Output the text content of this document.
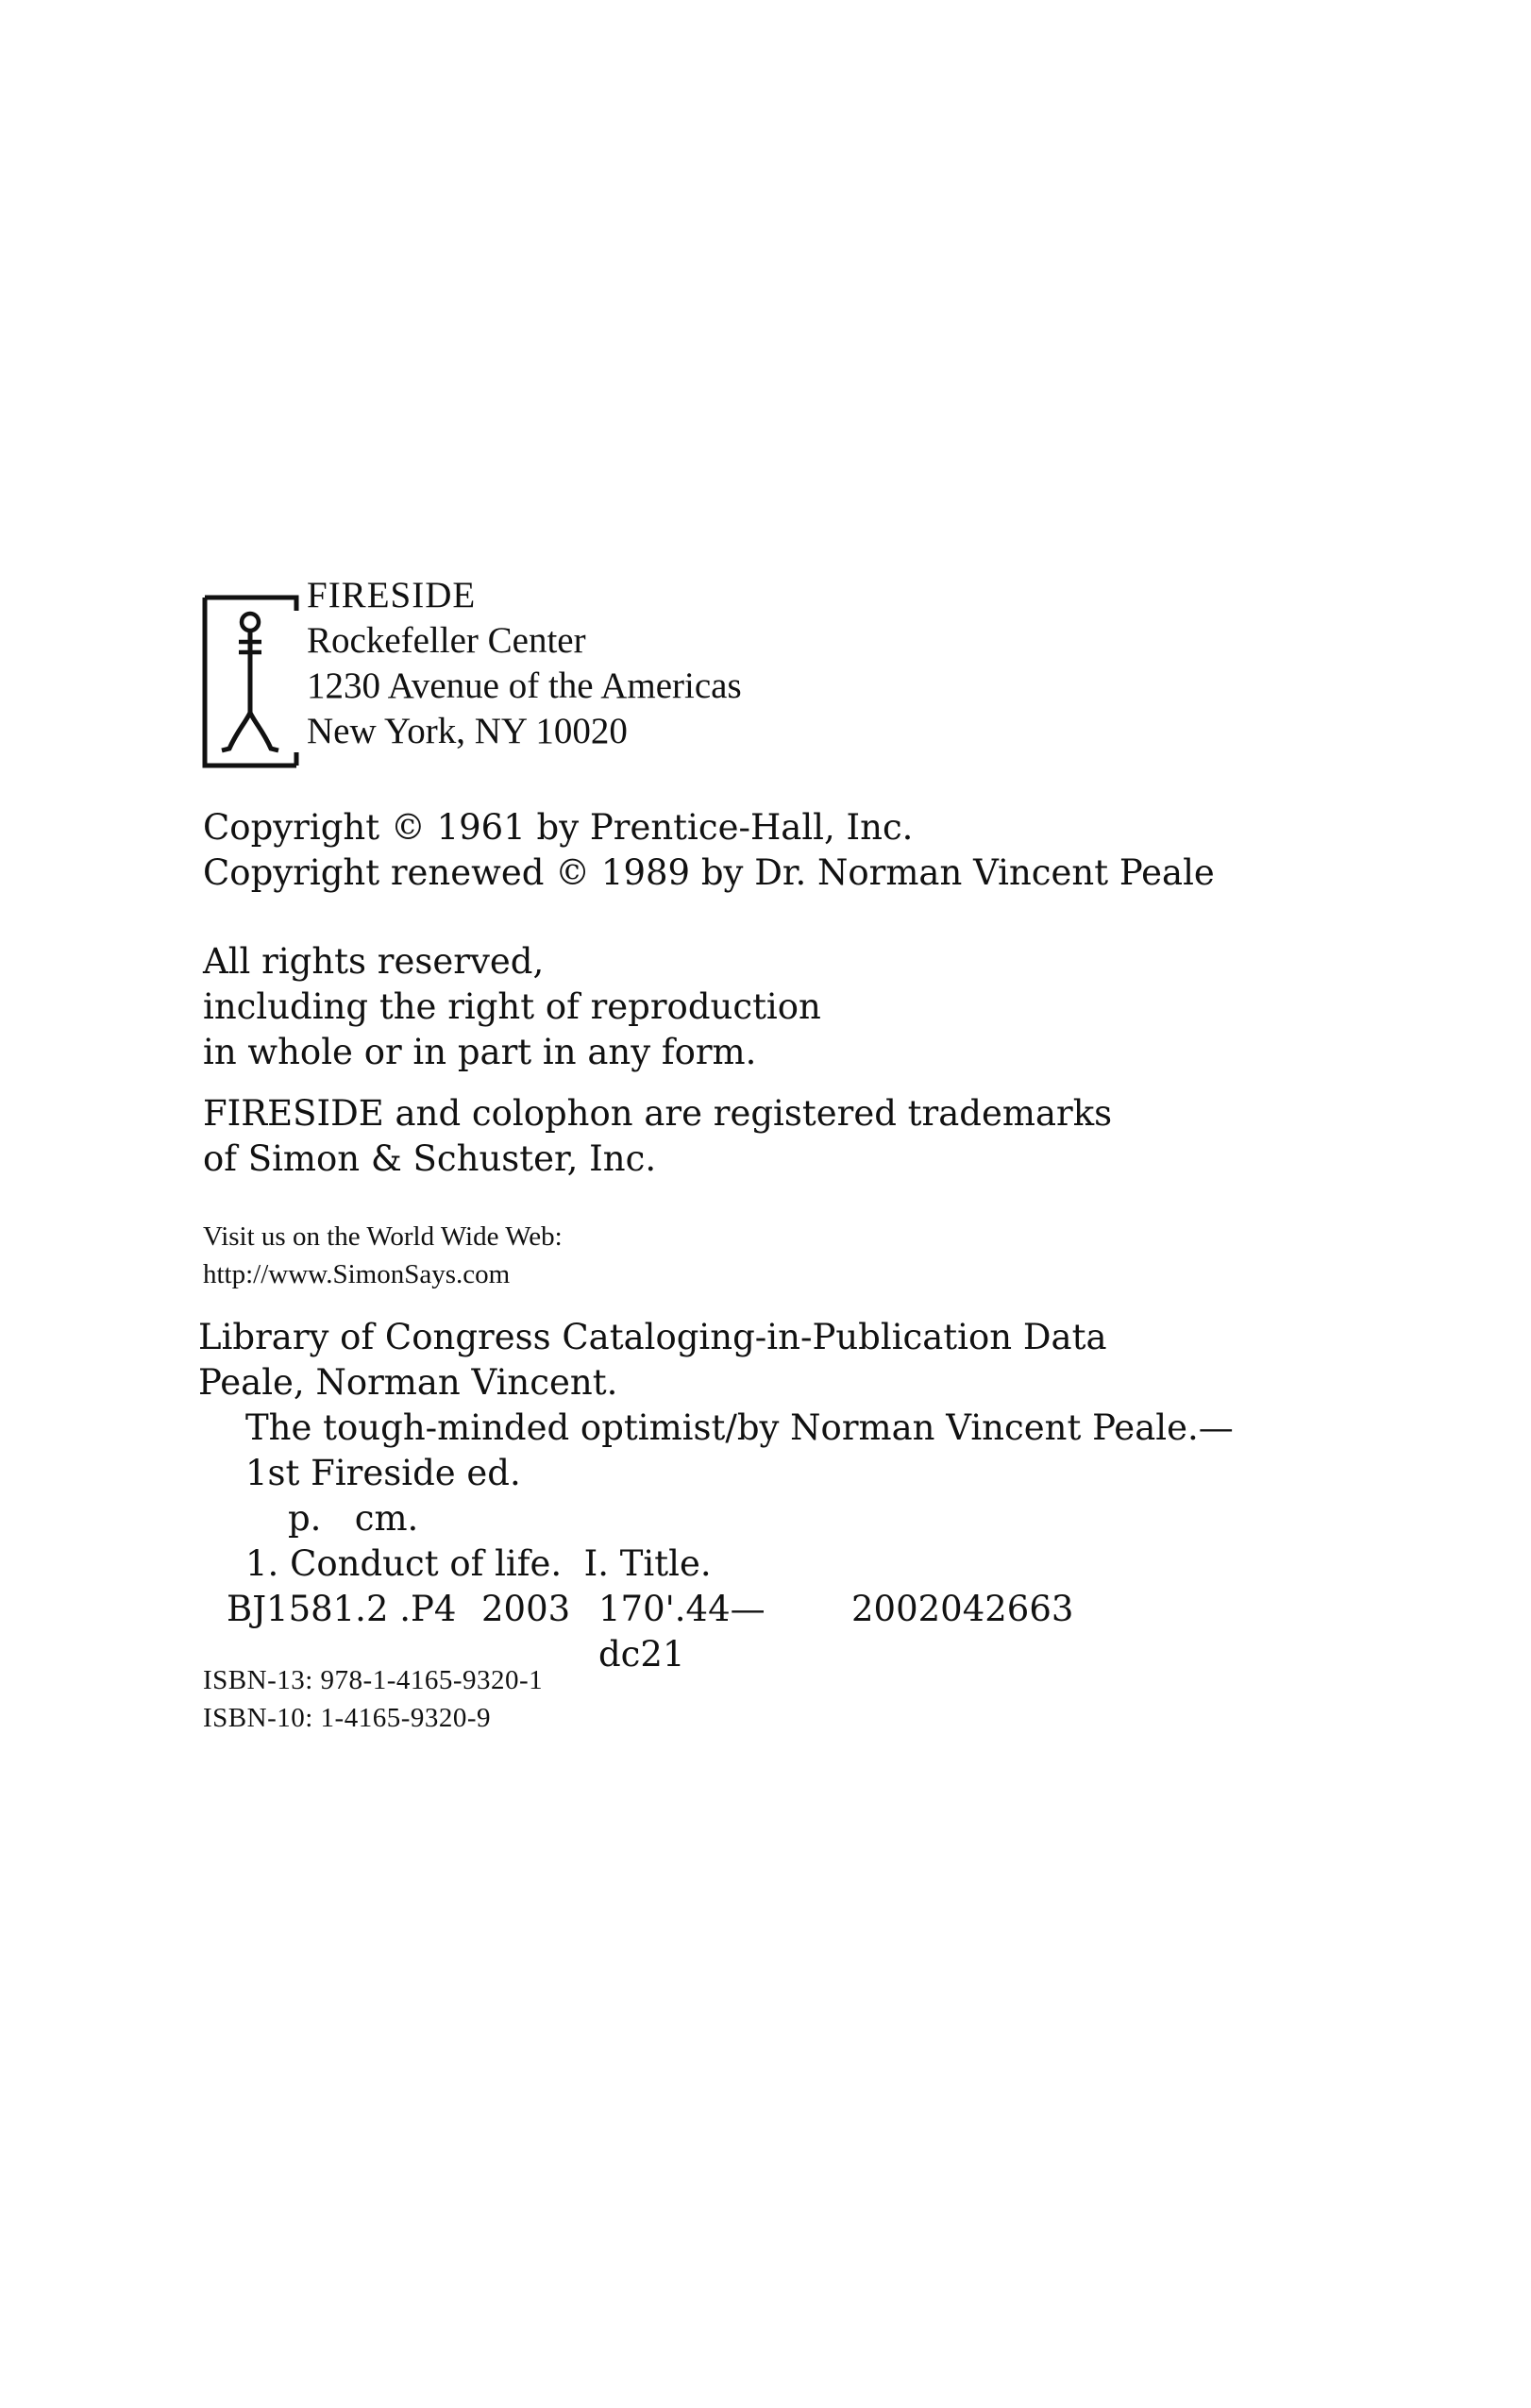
FIRESIDE
Rockefeller Center
1230 Avenue of the Americas
New York, NY 10020
Copyright © 1961 by Prentice-Hall, Inc.
Copyright renewed © 1989 by Dr. Norman Vincent Peale
All rights reserved,
including the right of reproduction
in whole or in part in any form.
FIRESIDE and colophon are registered trademarks
of Simon & Schuster, Inc.
Visit us on the World Wide Web:
http://www.SimonSays.com
Library of Congress Cataloging-in-Publication Data
Peale, Norman Vincent.
The tough-minded optimist/by Norman Vincent Peale.—
1st Fireside ed.
p.   cm.
1. Conduct of life.  I. Title.
BJ1581.2 .P4 2003 170'.44—dc21
2002042663
ISBN-13: 978-1-4165-9320-1
ISBN-10: 1-4165-9320-9
